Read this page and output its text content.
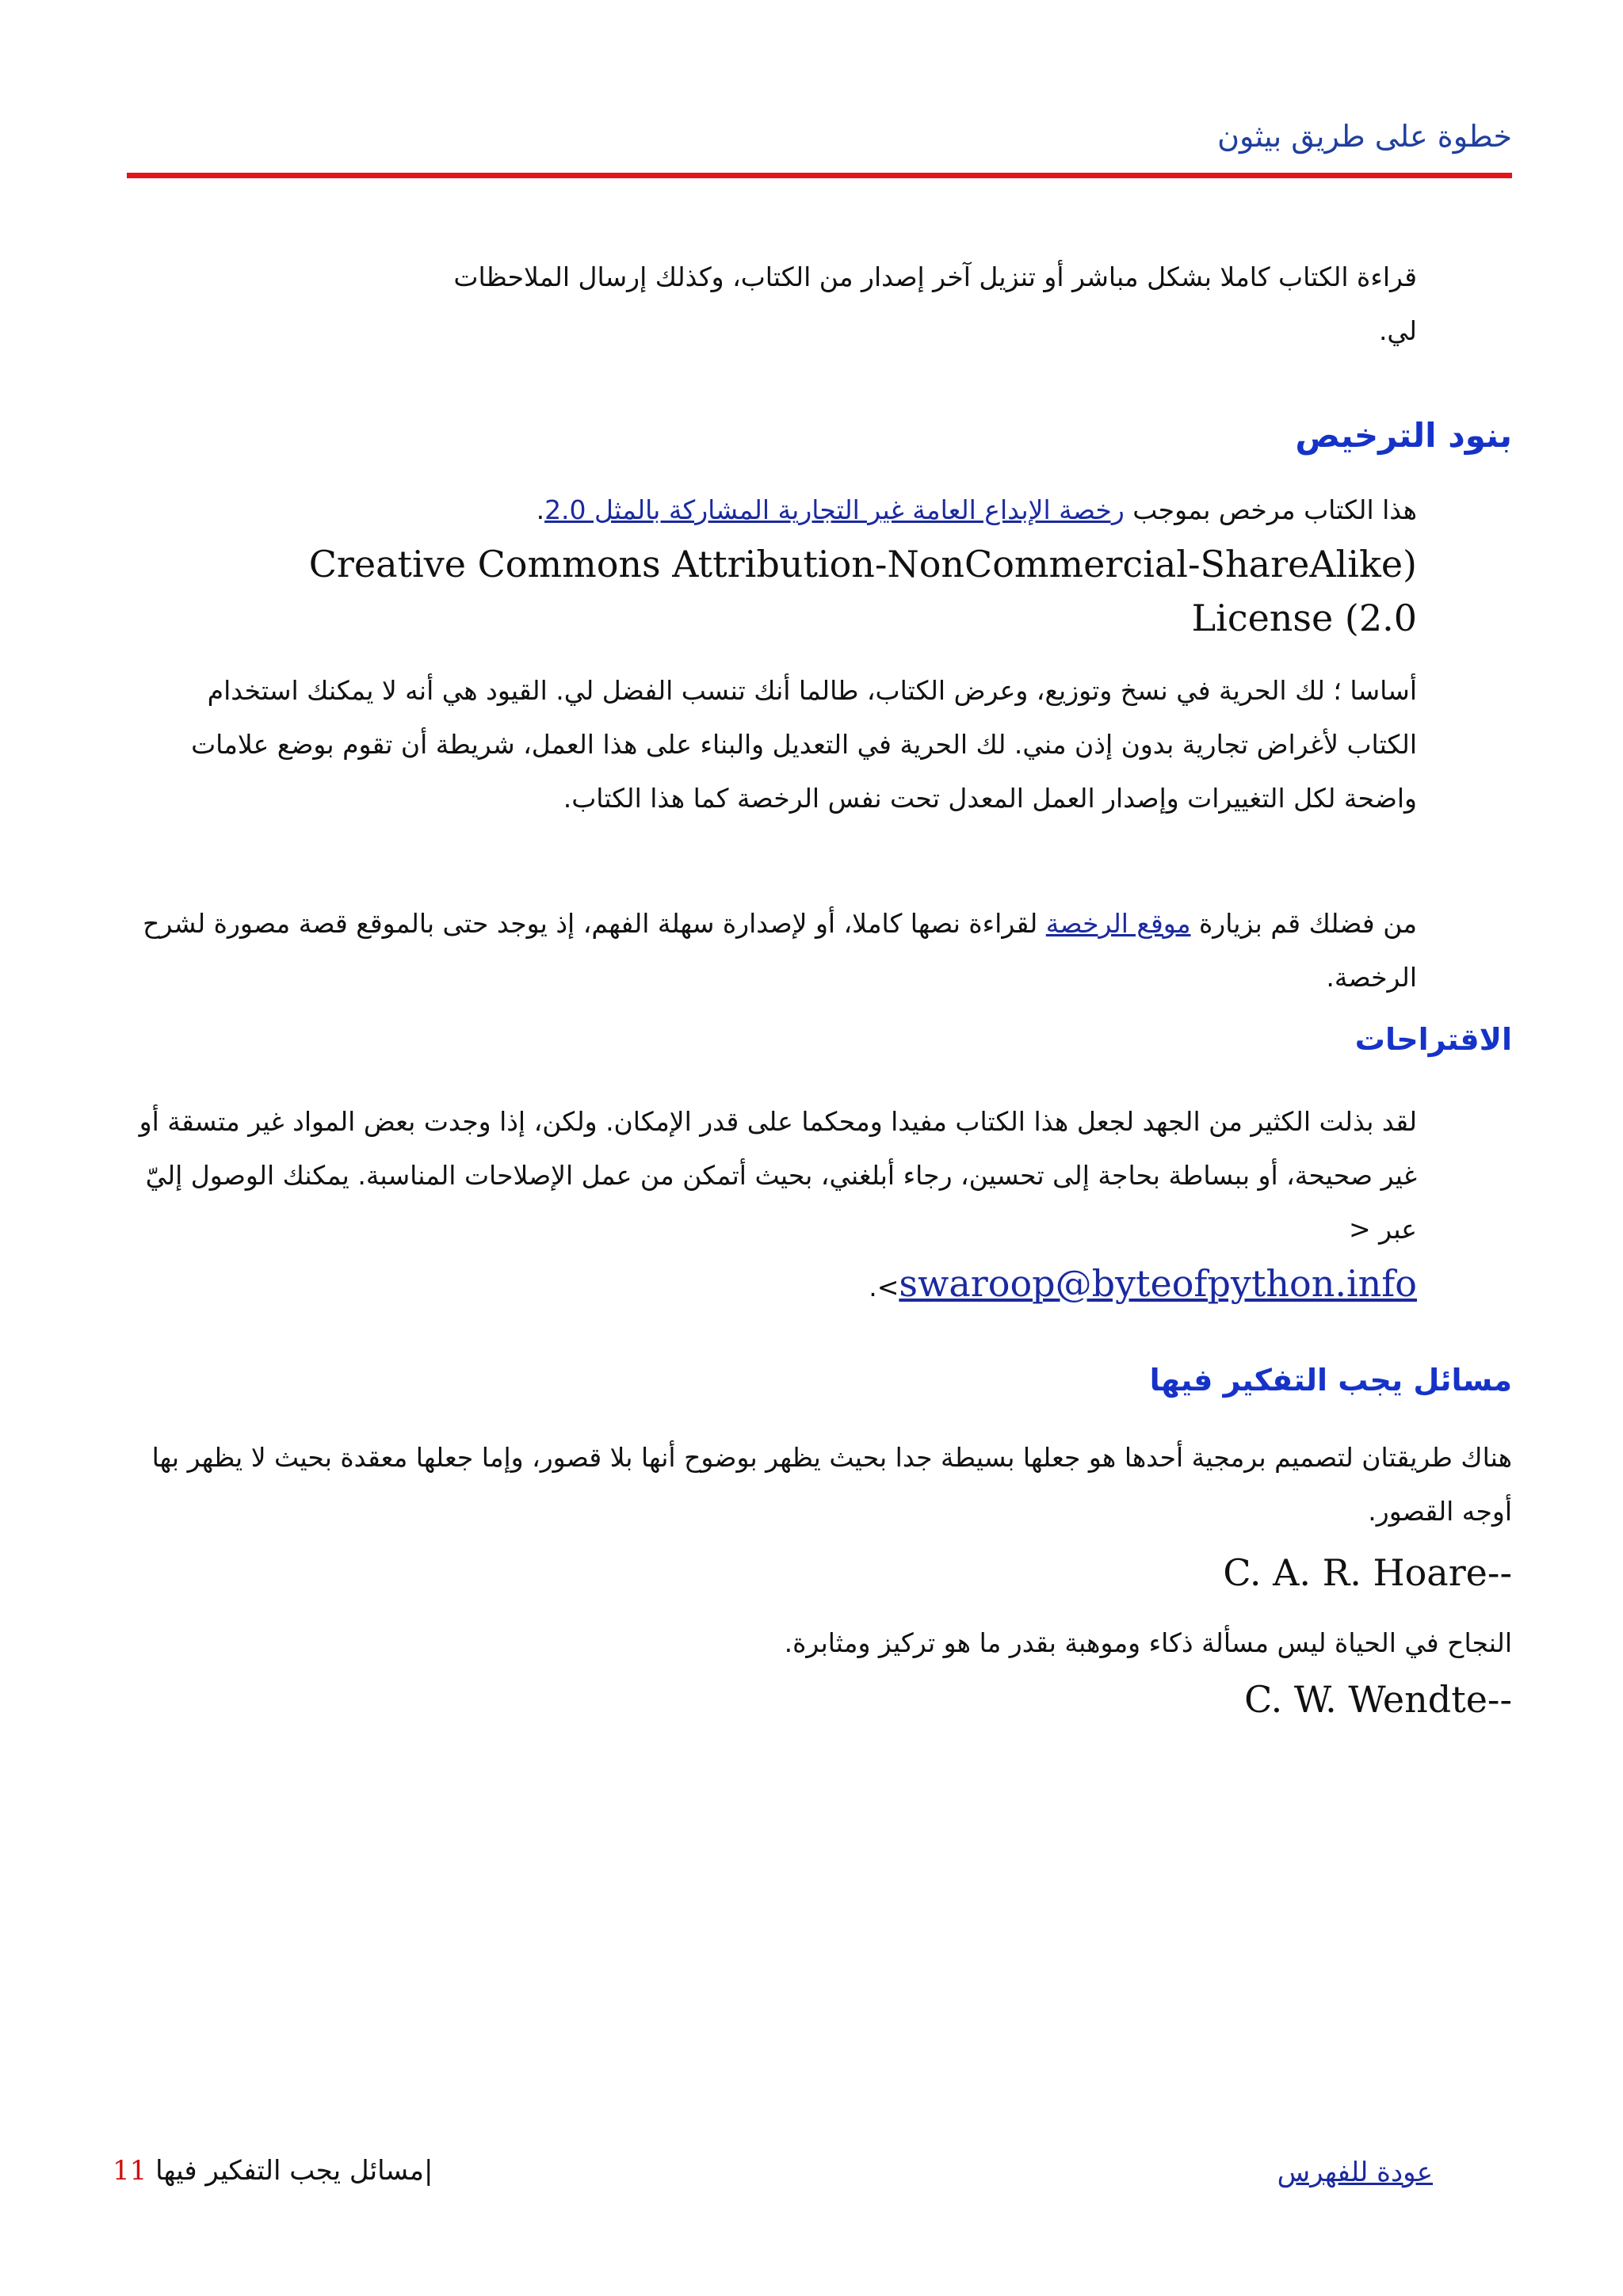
خطوة على طريق بيثون
قراءة الكتاب كاملا بشكل مباشر أو تنزيل آخر إصدار من الكتاب، وكذلك إرسال الملاحظات
لي.
بنود الترخيص
هذا الكتاب مرخص بموجب رخصة الإبداع العامة غير التجارية المشاركة بالمثل 2.0.
Creative Commons Attribution-NonCommercial-ShareAlike)
License (2.0
أساسا ؛ لك الحرية في نسخ وتوزيع، وعرض الكتاب، طالما أنك تنسب الفضل لي. القيود هي أنه لا يمكنك استخدام الكتاب لأغراض تجارية بدون إذن مني. لك الحرية في التعديل والبناء على هذا العمل، شريطة أن تقوم بوضع علامات واضحة لكل التغييرات وإصدار العمل المعدل تحت نفس الرخصة كما هذا الكتاب.
من فضلك قم بزيارة موقع الرخصة لقراءة نصها كاملا، أو لإصدارة سهلة الفهم، إذ يوجد حتى بالموقع قصة مصورة لشرح الرخصة.
الاقتراحات
لقد بذلت الكثير من الجهد لجعل هذا الكتاب مفيدا ومحكما على قدر الإمكان. ولكن، إذا وجدت بعض المواد غير متسقة أو غير صحيحة، أو ببساطة بحاجة إلى تحسين، رجاء أبلغني، بحيث أتمكن من عمل الإصلاحات المناسبة. يمكنك الوصول إليّ عبر <
.<swaroop@byteofpython.info
مسائل يجب التفكير فيها
هناك طريقتان لتصميم برمجية أحدها هو جعلها بسيطة جدا بحيث يظهر بوضوح أنها بلا قصور، وإما جعلها معقدة بحيث لا يظهر بها أوجه القصور.
C. A. R. Hoare--
النجاح في الحياة ليس مسألة ذكاء وموهبة بقدر ما هو تركيز ومثابرة.
C. W. Wendte--
عودة للفهرس
11 مسائل يجب التفكير فيها|
